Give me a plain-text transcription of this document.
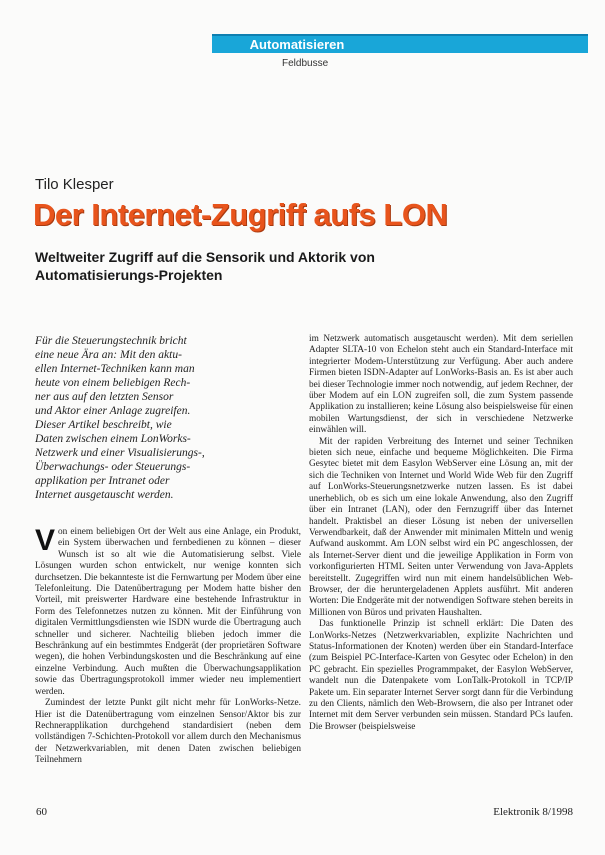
Automatisieren
Feldbusse
Tilo Klesper
Der Internet-Zugriff aufs LON
Weltweiter Zugriff auf die Sensorik und Aktorik von Automatisierungs-Projekten
Für die Steuerungstechnik bricht
eine neue Ära an: Mit den aktu-
ellen Internet-Techniken kann man
heute von einem beliebigen Rech-
ner aus auf den letzten Sensor
und Aktor einer Anlage zugreifen.
Dieser Artikel beschreibt, wie
Daten zwischen einem LonWorks-
Netzwerk und einer Visualisierungs-,
Überwachungs- oder Steuerungs-
applikation per Intranet oder
Internet ausgetauscht werden.
V on einem beliebigen Ort der Welt aus eine Anlage, ein Produkt, ein System überwachen und fernbedienen zu können – dieser Wunsch ist so alt wie die Automatisierung selbst. Viele Lösungen wurden schon entwickelt, nur wenige konnten sich durchsetzen. Die bekannteste ist die Fernwartung per Modem über eine Telefonleitung. Die Datenübertragung per Modem hatte bisher den Vorteil, mit preiswerter Hardware eine bestehende Infrastruktur in Form des Telefonnetzes nutzen zu können. Mit der Einführung von digitalen Vermittlungsdiensten wie ISDN wurde die Übertragung auch schneller und sicherer. Nachteilig blieben jedoch immer die Beschränkung auf ein bestimmtes Endgerät (der proprietären Software wegen), die hohen Verbindungskosten und die Beschränkung auf eine einzelne Verbindung. Auch mußten die Überwachungsapplikation sowie das Übertragungsprotokoll immer wieder neu implementiert werden.

Zumindest der letzte Punkt gilt nicht mehr für LonWorks-Netze. Hier ist die Datenübertragung vom einzelnen Sensor/Aktor bis zur Rechnerapplikation durchgehend standardisiert (neben dem vollständigen 7-Schichten-Protokoll vor allem durch den Mechanismus der Netzwerkvariablen, mit denen Daten zwischen beliebigen Teilnehmern

im Netzwerk automatisch ausgetauscht werden). Mit dem seriellen Adapter SLTA-10 von Echelon steht auch ein Standard-Interface mit integrierter Modem-Unterstützung zur Verfügung. Aber auch andere Firmen bieten ISDN-Adapter auf LonWorks-Basis an. Es ist aber auch bei dieser Technologie immer noch notwendig, auf jedem Rechner, der über Modem auf ein LON zugreifen soll, die zum System passende Applikation zu installieren; keine Lösung also beispielsweise für einen mobilen Wartungsdienst, der sich in verschiedene Netzwerke einwählen will.

Mit der rapiden Verbreitung des Internet und seiner Techniken bieten sich neue, einfache und bequeme Möglichkeiten. Die Firma Gesytec bietet mit dem Easylon WebServer eine Lösung an, mit der sich die Techniken von Internet und World Wide Web für den Zugriff auf LonWorks-Steuerungsnetzwerke nutzen lassen. Es ist dabei unerheblich, ob es sich um eine lokale Anwendung, also den Zugriff über ein Intranet (LAN), oder den Fernzugriff über das Internet handelt. Praktisbel an dieser Lösung ist neben der universellen Verwendbarkeit, daß der Anwender mit minimalen Mitteln und wenig Aufwand auskommt. Am LON selbst wird ein PC angeschlossen, der als Internet-Server dient und die jeweilige Applikation in Form von vorkonfigurierten HTML Seiten unter Verwendung von Java-Applets bereitstellt. Zugegriffen wird nun mit einem handelsüblichen Web-Browser, der die heruntergeladenen Applets ausführt. Mit anderen Worten: Die Endgeräte mit der notwendigen Software stehen bereits in Millionen von Büros und privaten Haushalten.

Das funktionelle Prinzip ist schnell erklärt: Die Daten des LonWorks-Netzes (Netzwerkvariablen, explizite Nachrichten und Status-Informationen der Knoten) werden über ein Standard-Interface (zum Beispiel PC-Interface-Karten von Gesytec oder Echelon) in den PC gebracht. Ein spezielles Programmpaket, der Easylon WebServer, wandelt nun die Datenpakete vom LonTalk-Protokoll in TCP/IP Pakete um. Ein separater Internet Server sorgt dann für die Verbindung zu den Clients, nämlich den Web-Browsern, die also per Intranet oder Internet mit dem Server verbunden sein müssen. Standard PCs laufen. Die Browser (beispielsweise

60	Elektronik 8/1998
